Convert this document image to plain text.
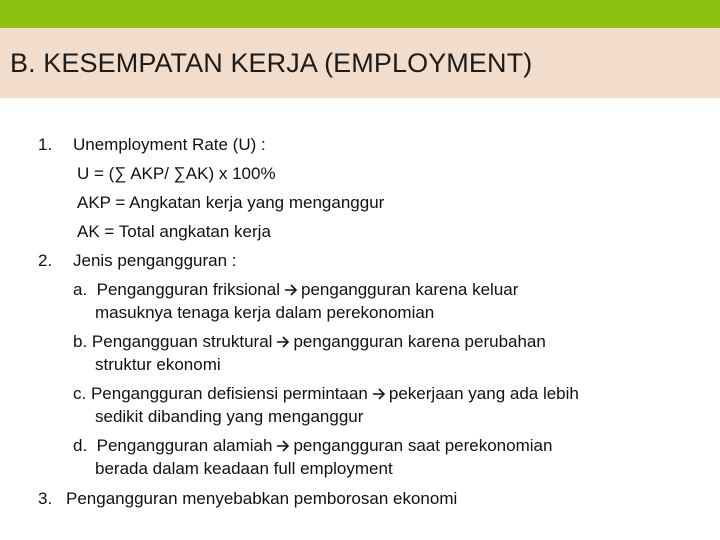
B. KESEMPATAN KERJA (EMPLOYMENT)
1. Unemployment Rate (U) :
U = (∑ AKP/ ∑AK) x 100%
AKP = Angkatan kerja yang menganggur
AK = Total angkatan kerja
2. Jenis pengangguran :
a. Pengangguran friksional pengangguran karena keluar
masuknya tenaga kerja dalam perekonomian
b. Pengangguan struktural pengangguran karena perubahan
struktur ekonomi
c. Pengangguran defisiensi permintaan pekerjaan yang ada lebih
sedikit dibanding yang menganggur
d. Pengangguran alamiah pengangguran saat perekonomian
berada dalam keadaan full employment
3. Pengangguran menyebabkan pemborosan ekonomi
